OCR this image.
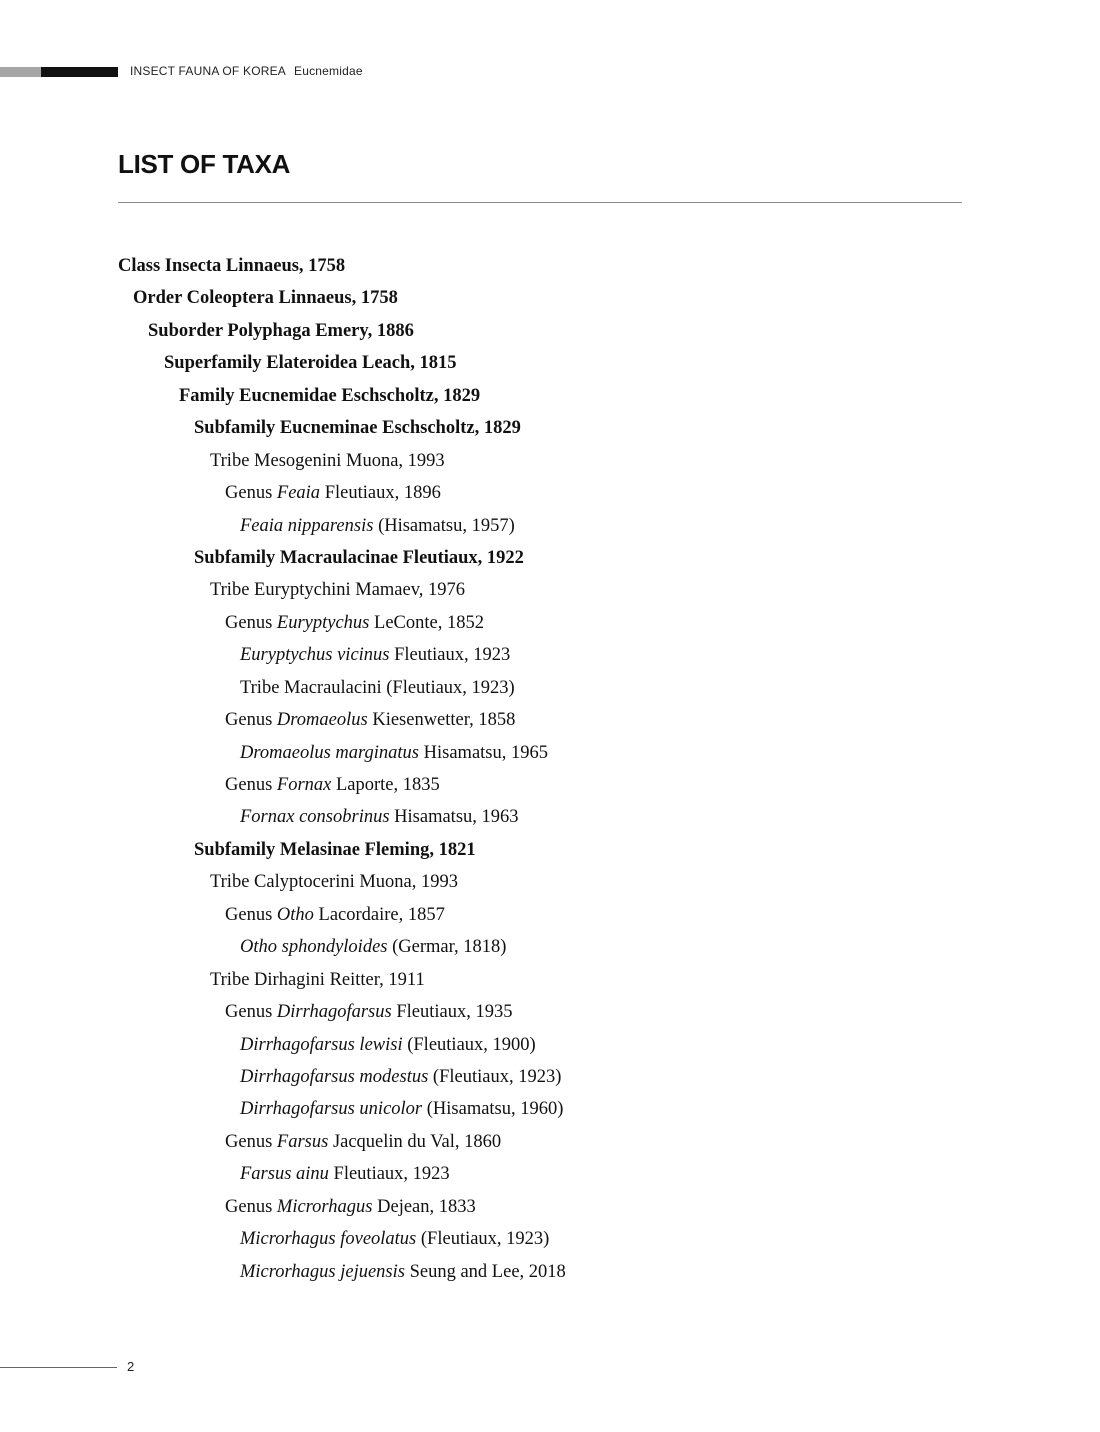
INSECT FAUNA OF KOREA Eucnemidae
LIST OF TAXA
Class Insecta Linnaeus, 1758
Order Coleoptera Linnaeus, 1758
Suborder Polyphaga Emery, 1886
Superfamily Elateroidea Leach, 1815
Family Eucnemidae Eschscholtz, 1829
Subfamily Eucneminae Eschscholtz, 1829
Tribe Mesogenini Muona, 1993
Genus Feaia Fleutiaux, 1896
Feaia nipparensis (Hisamatsu, 1957)
Subfamily Macraulacinae Fleutiaux, 1922
Tribe Euryptychini Mamaev, 1976
Genus Euryptychus LeConte, 1852
Euryptychus vicinus Fleutiaux, 1923
Tribe Macraulacini (Fleutiaux, 1923)
Genus Dromaeolus Kiesenwetter, 1858
Dromaeolus marginatus Hisamatsu, 1965
Genus Fornax Laporte, 1835
Fornax consobrinus Hisamatsu, 1963
Subfamily Melasinae Fleming, 1821
Tribe Calyptocerini Muona, 1993
Genus Otho Lacordaire, 1857
Otho sphondyloides (Germar, 1818)
Tribe Dirhagini Reitter, 1911
Genus Dirrhagofarsus Fleutiaux, 1935
Dirrhagofarsus lewisi (Fleutiaux, 1900)
Dirrhagofarsus modestus (Fleutiaux, 1923)
Dirrhagofarsus unicolor (Hisamatsu, 1960)
Genus Farsus Jacquelin du Val, 1860
Farsus ainu Fleutiaux, 1923
Genus Microrhagus Dejean, 1833
Microrhagus foveolatus (Fleutiaux, 1923)
Microrhagus jejuensis Seung and Lee, 2018
2
